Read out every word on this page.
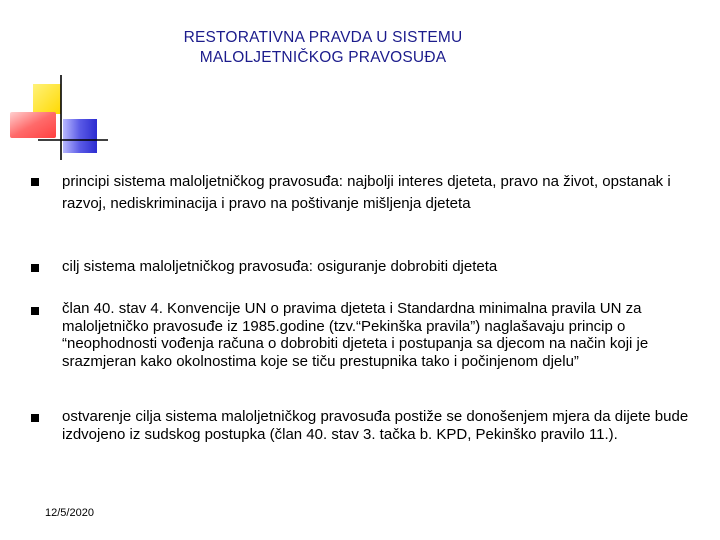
RESTORATIVNA PRAVDA U SISTEMU
MALOLJETNIČKOG PRAVOSUĐA

principi sistema maloljetničkog pravosuđa: najbolji interes djeteta, pravo na život, opstanak i razvoj, nediskriminacija i pravo na poštivanje mišljenja djeteta

cilj sistema maloljetničkog pravosuđa: osiguranje dobrobiti djeteta

član 40. stav 4. Konvencije UN o pravima djeteta i Standardna minimalna pravila UN za maloljetničko pravosuđe iz 1985.godine (tzv.“Pekinška pravila”) naglašavaju princip o “neophodnosti vođenja računa o dobrobiti djeteta i postupanja sa djecom na način koji je srazmjeran kako okolnostima koje se tiču prestupnika tako i počinjenom djelu”

ostvarenje cilja sistema maloljetničkog pravosuđa postiže se donošenjem mjera da dijete bude izdvojeno iz sudskog postupka (član 40. stav 3. tačka b. KPD, Pekinško pravilo 11.).

12/5/2020
